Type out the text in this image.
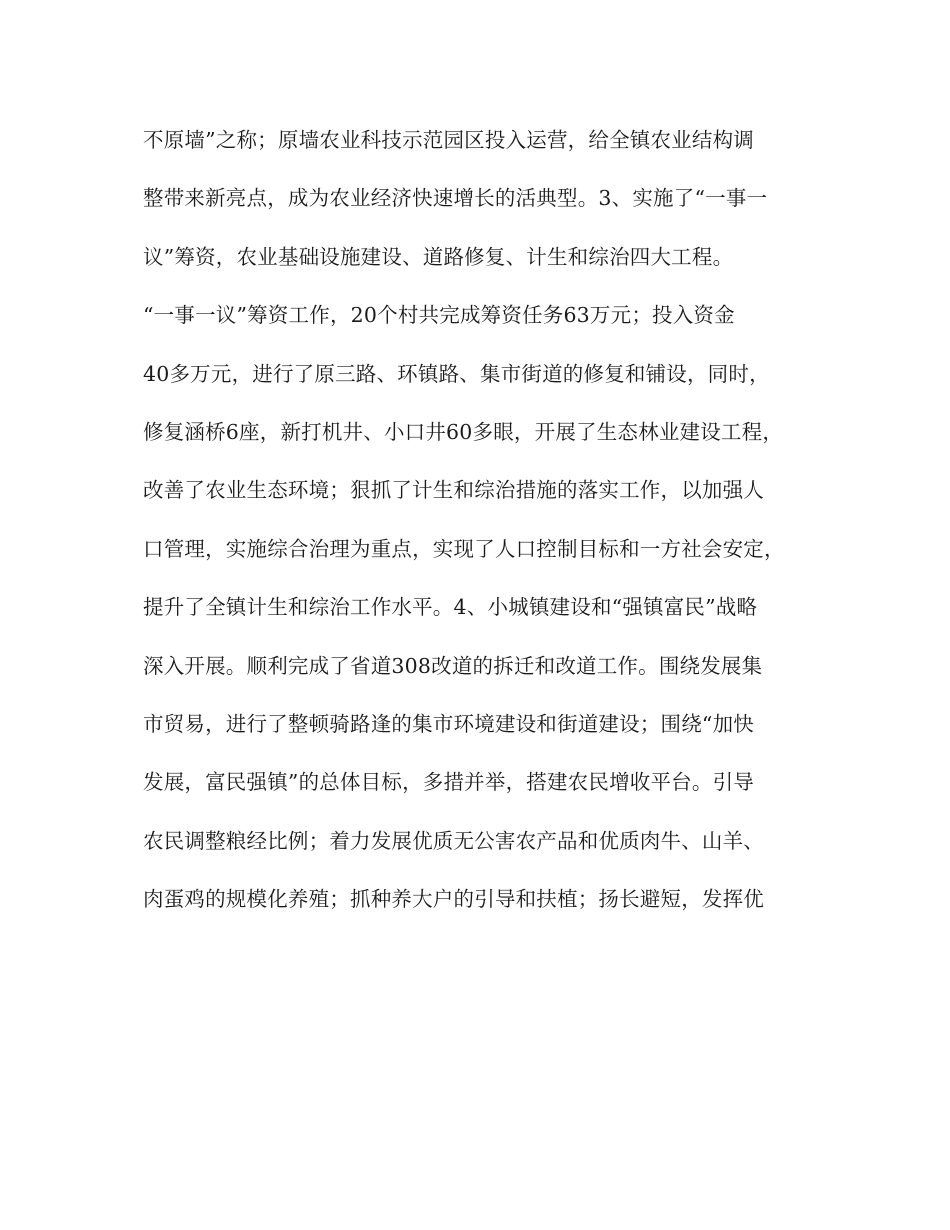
不原墙”之称；原墙农业科技示范园区投入运营，给全镇农业结构调
整带来新亮点，成为农业经济快速增长的活典型。3、实施了“一事一
议”筹资，农业基础设施建设、道路修复、计生和综治四大工程。
“一事一议”筹资工作，20个村共完成筹资任务63万元；投入资金
40多万元，进行了原三路、环镇路、集市街道的修复和铺设，同时，
修复涵桥6座，新打机井、小口井60多眼，开展了生态林业建设工程，
改善了农业生态环境；狠抓了计生和综治措施的落实工作，以加强人
口管理，实施综合治理为重点，实现了人口控制目标和一方社会安定，
提升了全镇计生和综治工作水平。4、小城镇建设和“强镇富民”战略
深入开展。顺利完成了省道308改道的拆迁和改道工作。围绕发展集
市贸易，进行了整顿骑路逢的集市环境建设和街道建设；围绕“加快
发展，富民强镇”的总体目标，多措并举，搭建农民增收平台。引导
农民调整粮经比例；着力发展优质无公害农产品和优质肉牛、山羊、
肉蛋鸡的规模化养殖；抓种养大户的引导和扶植；扬长避短，发挥优
